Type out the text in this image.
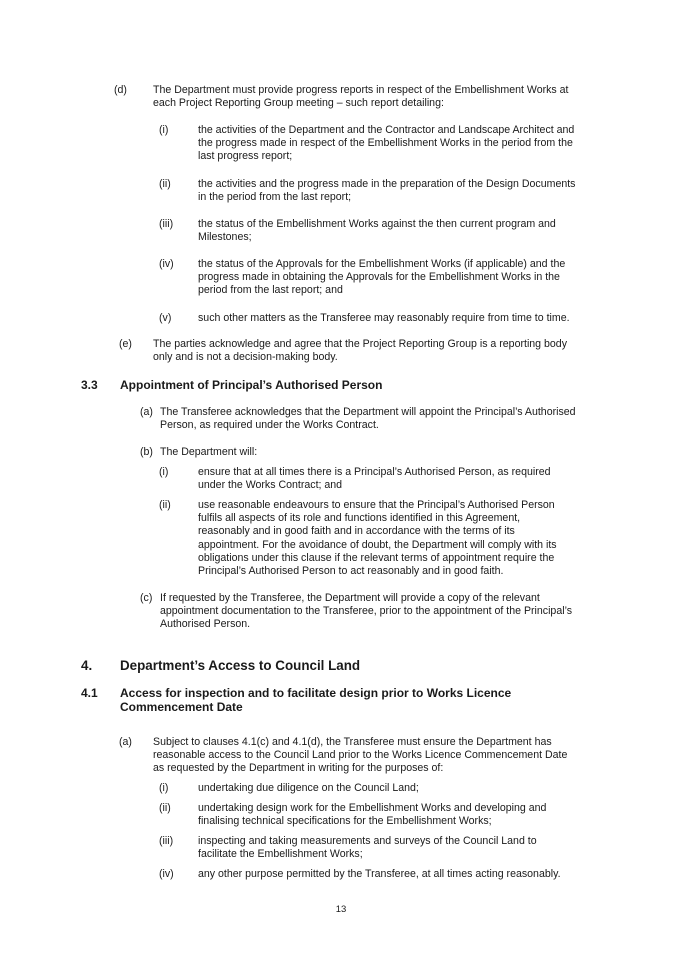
(d) The Department must provide progress reports in respect of the Embellishment Works at
each Project Reporting Group meeting – such report detailing:
(i)	the activities of the Department and the Contractor and Landscape Architect and
the progress made in respect of the Embellishment Works in the period from the
last progress report;
(ii)	the activities and the progress made in the preparation of the Design Documents
in the period from the last report;
(iii) the status of the Embellishment Works against the then current program and
Milestones;
(iv) the status of the Approvals for the Embellishment Works (if applicable) and the
progress made in obtaining the Approvals for the Embellishment Works in the
period from the last report; and
(v)	such other matters as the Transferee may reasonably require from time to time.
(e) The parties acknowledge and agree that the Project Reporting Group is a reporting body
only and is not a decision-making body.
3.3 Appointment of Principal’s Authorised Person
(a) The Transferee acknowledges that the Department will appoint the Principal’s Authorised
Person, as required under the Works Contract.
(b) The Department will:
(i)	ensure that at all times there is a Principal’s Authorised Person, as required
under the Works Contract; and
(ii)	use reasonable endeavours to ensure that the Principal’s Authorised Person
fulfils all aspects of its role and functions identified in this Agreement,
reasonably and in good faith and in accordance with the terms of its
appointment. For the avoidance of doubt, the Department will comply with its
obligations under this clause if the relevant terms of appointment require the
Principal’s Authorised Person to act reasonably and in good faith.
(c) If requested by the Transferee, the Department will provide a copy of the relevant
appointment documentation to the Transferee, prior to the appointment of the Principal’s
Authorised Person.
4. Department’s Access to Council Land
4.1 Access for inspection and to facilitate design prior to Works Licence
Commencement Date
(a) Subject to clauses 4.1(c) and 4.1(d), the Transferee must ensure the Department has
reasonable access to the Council Land prior to the Works Licence Commencement Date
as requested by the Department in writing for the purposes of:
(i)	undertaking due diligence on the Council Land;
(ii)	undertaking design work for the Embellishment Works and developing and
finalising technical specifications for the Embellishment Works;
(iii) inspecting and taking measurements and surveys of the Council Land to
facilitate the Embellishment Works;
(iv) any other purpose permitted by the Transferee, at all times acting reasonably.
13
